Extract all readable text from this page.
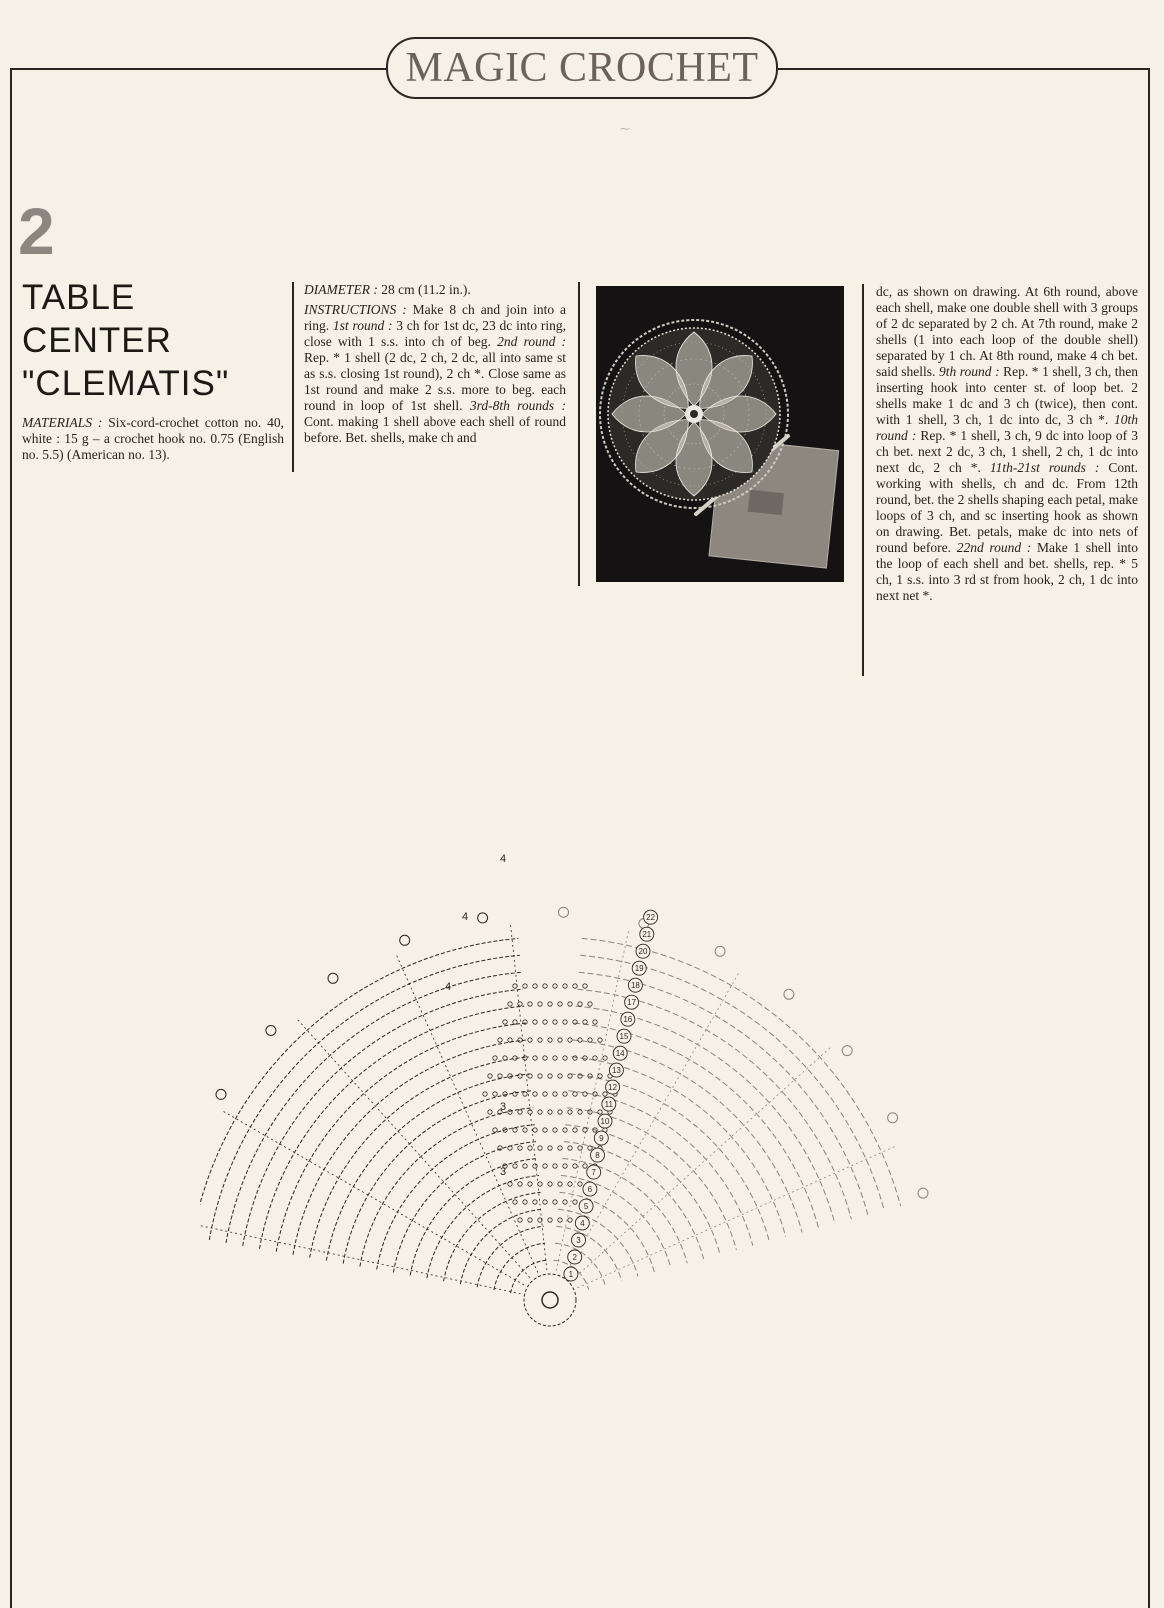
MAGIC CROCHET
⁓
2
TABLE
CENTER
"CLEMATIS"
MATERIALS : Six-cord-crochet cotton no. 40, white : 15 g – a crochet hook no. 0.75 (English no. 5.5) (American no. 13).

DIAMETER : 28 cm (11.2 in.).

INSTRUCTIONS : Make 8 ch and join into a ring. 1st round : 3 ch for 1st dc, 23 dc into ring, close with 1 s.s. into ch of beg. 2nd round : Rep. * 1 shell (2 dc, 2 ch, 2 dc, all into same st as s.s. closing 1st round), 2 ch *. Close same as 1st round and make 2 s.s. more to beg. each round in loop of 1st shell. 3rd-8th rounds : Cont. making 1 shell above each shell of round before. Bet. shells, make ch and

dc, as shown on drawing. At 6th round, above each shell, make one double shell with 3 groups of 2 dc separated by 2 ch. At 7th round, make 2 shells (1 into each loop of the double shell) separated by 1 ch. At 8th round, make 4 ch bet. said shells. 9th round : Rep. * 1 shell, 3 ch, then inserting hook into center st. of loop bet. 2 shells make 1 dc and 3 ch (twice), then cont. with 1 shell, 3 ch, 1 dc into dc, 3 ch *. 10th round : Rep. * 1 shell, 3 ch, 9 dc into loop of 3 ch bet. next 2 dc, 3 ch, 1 shell, 2 ch, 1 dc into next dc, 2 ch *. 11th-21st rounds : Cont. working with shells, ch and dc. From 12th round, bet. the 2 shells shaping each petal, make loops of 3 ch, and sc inserting hook as shown on drawing. Bet. petals, make dc into nets of round before. 22nd round : Make 1 shell into the loop of each shell and bet. shells, rep. * 5 ch, 1 s.s. into 3 rd st from hook, 2 ch, 1 dc into next net *.
1
2
3
4
5
6
7
8
9
10
11
12
13
14
15
16
17
18
19
20
21
22
4
4
4
3
3
